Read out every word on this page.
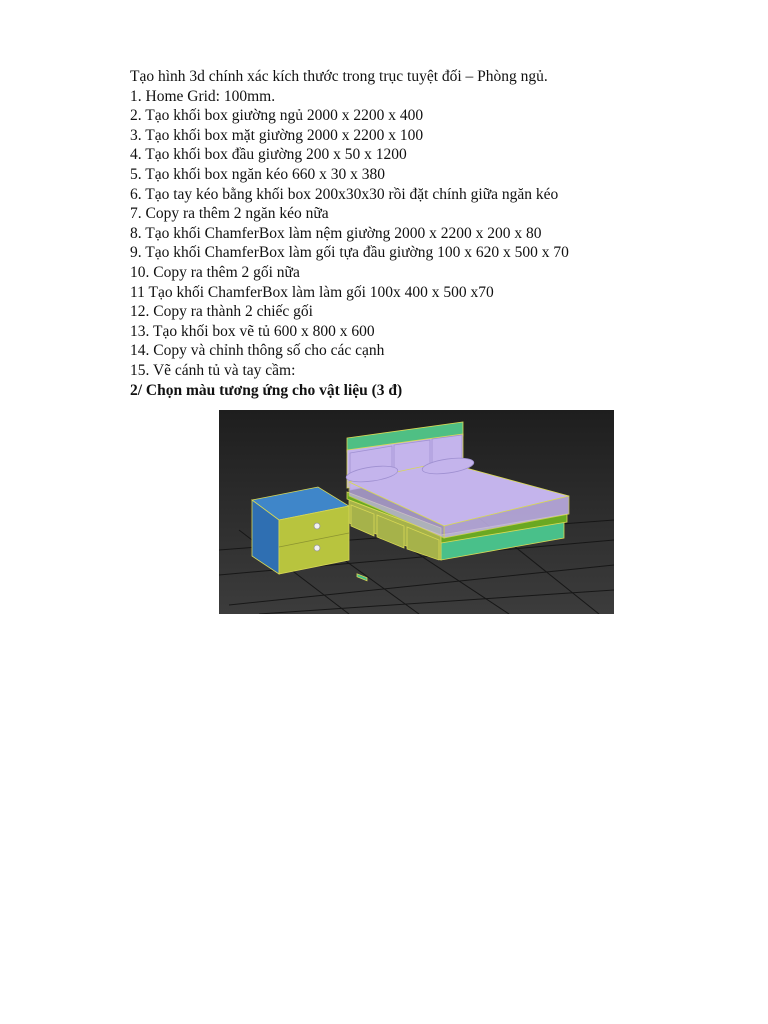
Tạo hình 3d chính xác kích thước trong trục tuyệt đối – Phòng ngủ.
1. Home Grid: 100mm.
2. Tạo khối box giường ngủ 2000 x 2200 x 400
3. Tạo khối box mặt giường 2000 x 2200 x 100
4. Tạo khối box đầu giường 200 x 50 x 1200
5. Tạo khối box ngăn kéo 660 x 30 x 380
6. Tạo tay kéo bằng khối box 200x30x30 rồi đặt chính giữa ngăn kéo
7. Copy ra thêm 2 ngăn kéo nữa
8. Tạo khối ChamferBox làm nệm giường 2000 x 2200 x 200 x 80
9. Tạo khối ChamferBox làm gối tựa đầu giường 100 x 620 x 500 x 70
10. Copy ra thêm 2 gối nữa
11 Tạo khối ChamferBox làm làm gối 100x 400 x 500 x70
12. Copy ra thành 2 chiếc gối
13. Tạo khối box vẽ tủ 600 x 800 x 600
14. Copy và chỉnh thông số cho các cạnh
15. Vẽ cánh tủ và tay cầm:
2/ Chọn màu tương ứng cho vật liệu (3 đ)
